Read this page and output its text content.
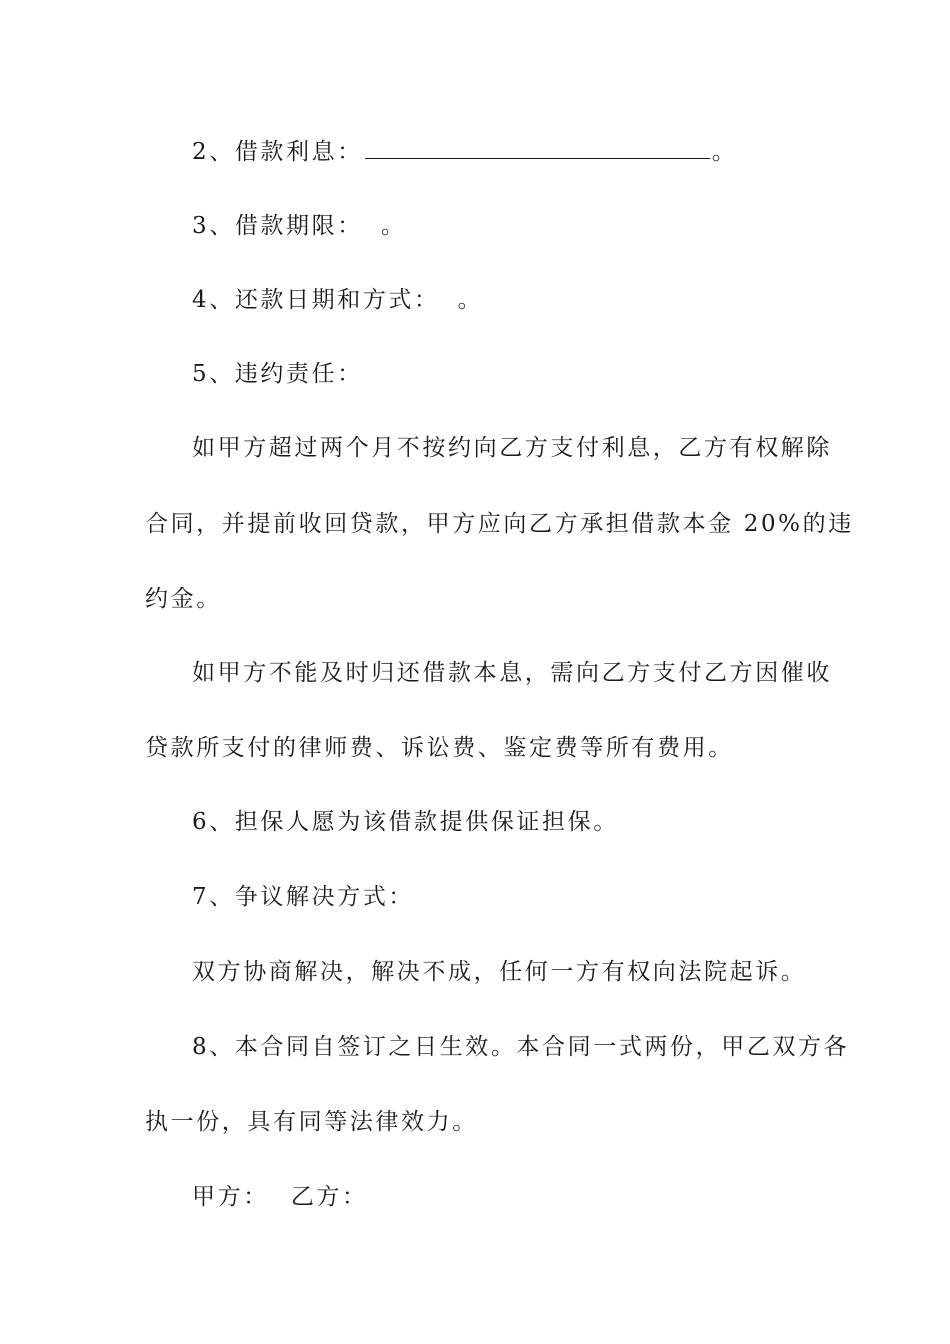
2、借款利息：	。
3、借款期限： 。
4、还款日期和方式： 。
5、违约责任：
如甲方超过两个月不按约向乙方支付利息，乙方有权解除
合同，并提前收回贷款，甲方应向乙方承担借款本金 20%的违
约金。
如甲方不能及时归还借款本息，需向乙方支付乙方因催收
贷款所支付的律师费、诉讼费、鉴定费等所有费用。
6、担保人愿为该借款提供保证担保。
7、争议解决方式：
双方协商解决，解决不成，任何一方有权向法院起诉。
8、本合同自签订之日生效。本合同一式两份，甲乙双方各
执一份，具有同等法律效力。
甲方： 乙方：
